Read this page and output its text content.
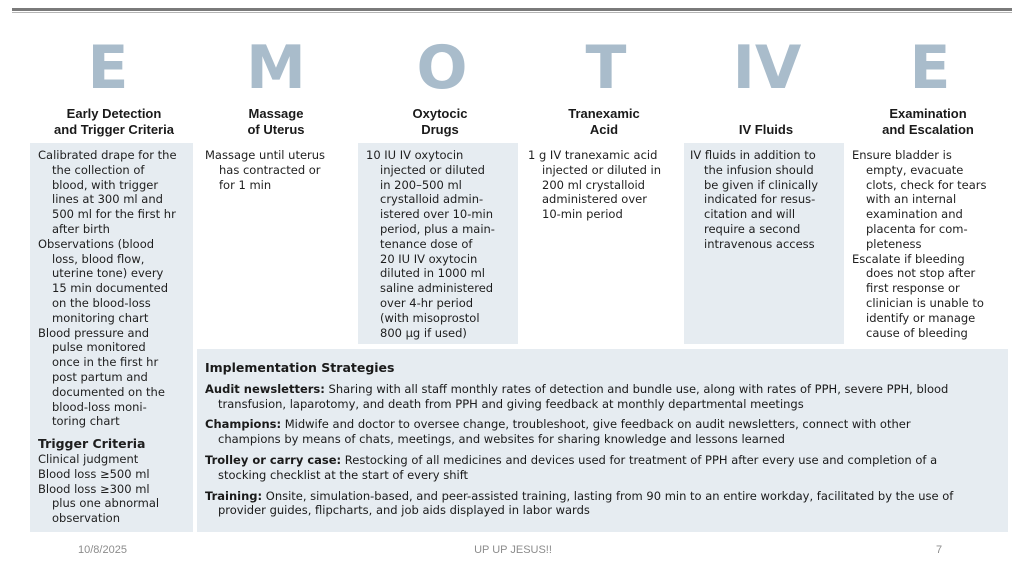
E	M	O	T	IV	E
Early Detection
and Trigger Criteria
Massage
of Uterus
Oxytocic
Drugs
Tranexamic
Acid	IV Fluids
Examination
and Escalation
Calibrated drape for the
the collection of
blood, with trigger
lines at 300 ml and
500 ml for the first hr
after birth
Observations (blood
loss, blood flow,
uterine tone) every
15 min documented
on the blood-loss
monitoring chart
Blood pressure and
pulse monitored
once in the first hr
post partum and
documented on the
blood-loss moni-
toring chart
Trigger Criteria
Clinical judgment
Blood loss ≥500 ml
Blood loss ≥300 ml
plus one abnormal
observation
Massage until uterus
has contracted or
for 1 min
10 IU IV oxytocin
injected or diluted
in 200–500 ml
crystalloid admin-
istered over 10-min
period, plus a main-
tenance dose of
20 IU IV oxytocin
diluted in 1000 ml
saline administered
over 4-hr period
(with misoprostol
800 μg if used)
1 g IV tranexamic acid
injected or diluted in
200 ml crystalloid
administered over
10-min period
IV fluids in addition to
the infusion should
be given if clinically
indicated for resus-
citation and will
require a second
intravenous access
Ensure bladder is
empty, evacuate
clots, check for tears
with an internal
examination and
placenta for com-
pleteness
Escalate if bleeding
does not stop after
first response or
clinician is unable to
identify or manage
cause of bleeding
Implementation Strategies
Audit newsletters: Sharing with all staff monthly rates of detection and bundle use, along with rates of PPH, severe PPH, blood
transfusion, laparotomy, and death from PPH and giving feedback at monthly departmental meetings
Champions: Midwife and doctor to oversee change, troubleshoot, give feedback on audit newsletters, connect with other
champions by means of chats, meetings, and websites for sharing knowledge and lessons learned
Trolley or carry case: Restocking of all medicines and devices used for treatment of PPH after every use and completion of a
stocking checklist at the start of every shift
Training: Onsite, simulation-based, and peer-assisted training, lasting from 90 min to an entire workday, facilitated by the use of
provider guides, flipcharts, and job aids displayed in labor wards
10/8/2025	UP UP JESUS!!	7
